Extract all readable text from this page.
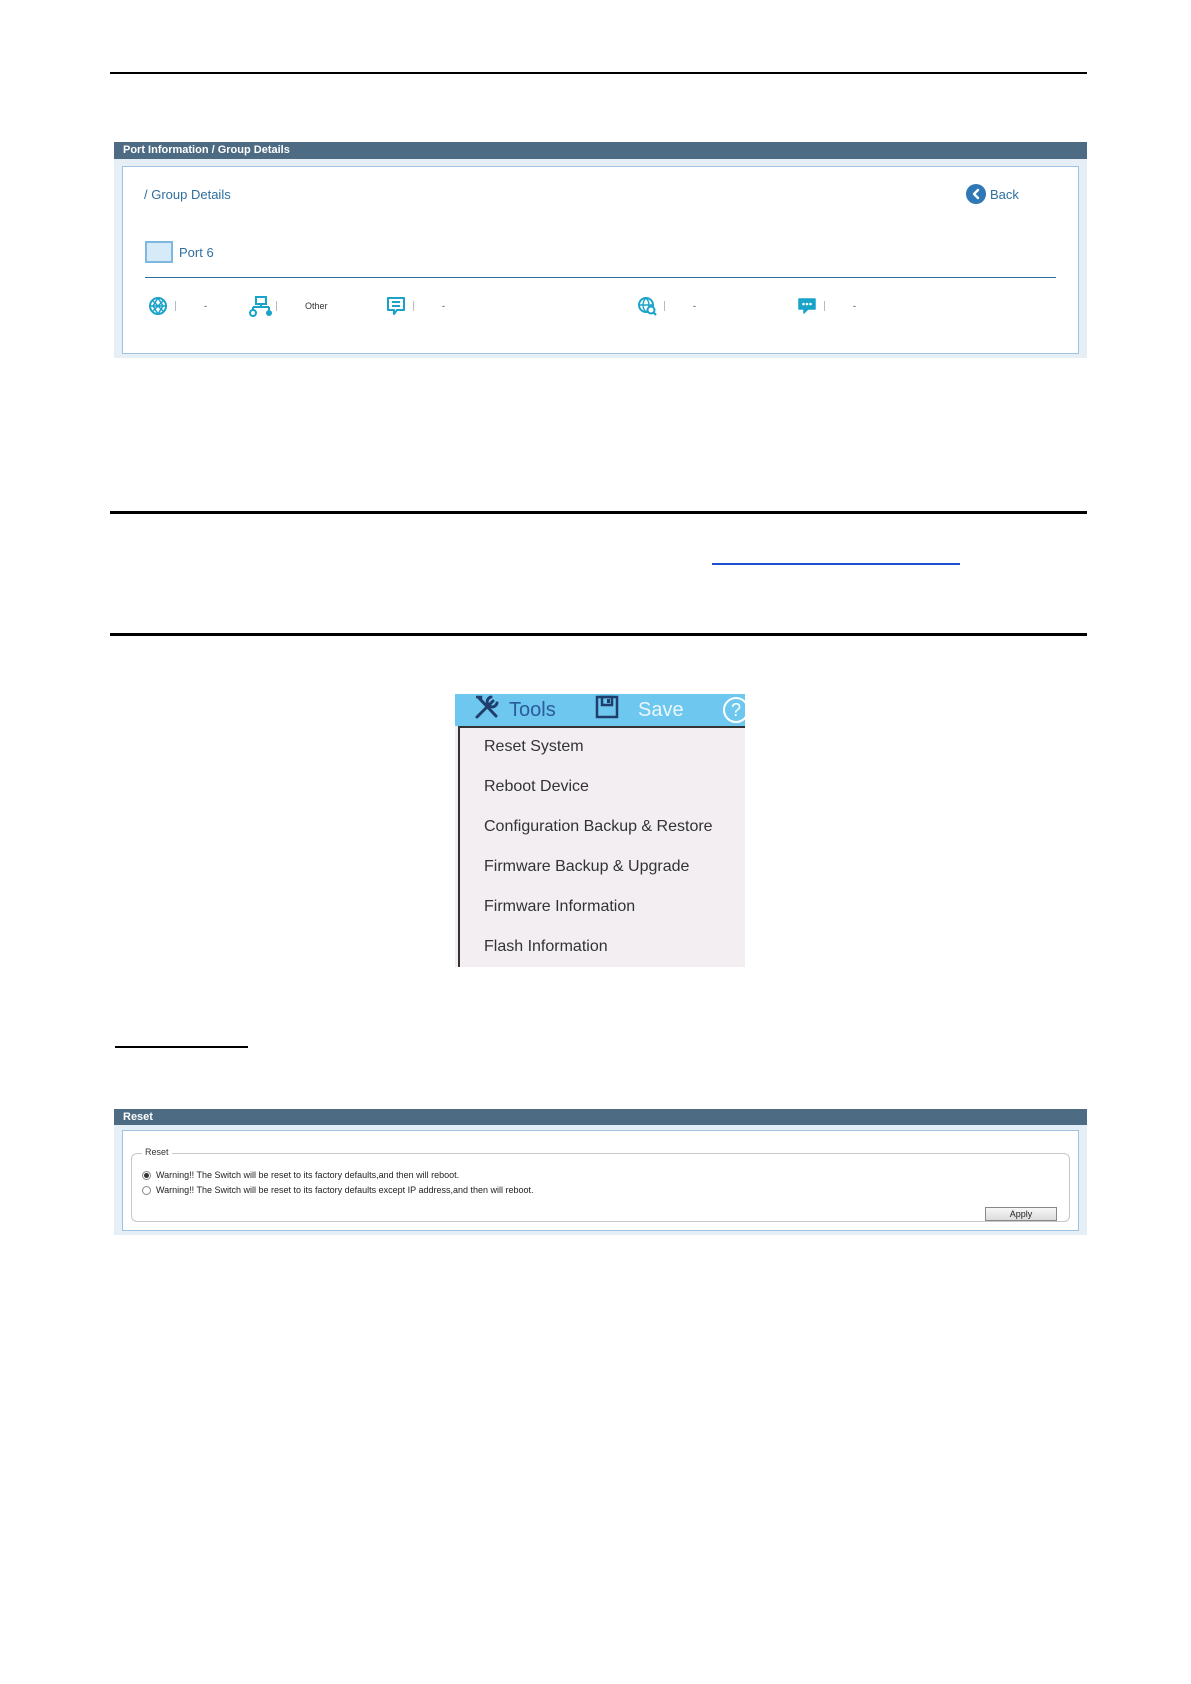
Port Information / Group Details
/ Group Details	Back
Port 6
-	Other	-	-	-
Tools	Save	?
Reset System
Reboot Device
Configuration Backup & Restore
Firmware Backup & Upgrade
Firmware Information
Flash Information
Reset
Reset
Warning!! The Switch will be reset to its factory defaults,and then will reboot.
Warning!! The Switch will be reset to its factory defaults except IP address,and then will reboot.
Apply
